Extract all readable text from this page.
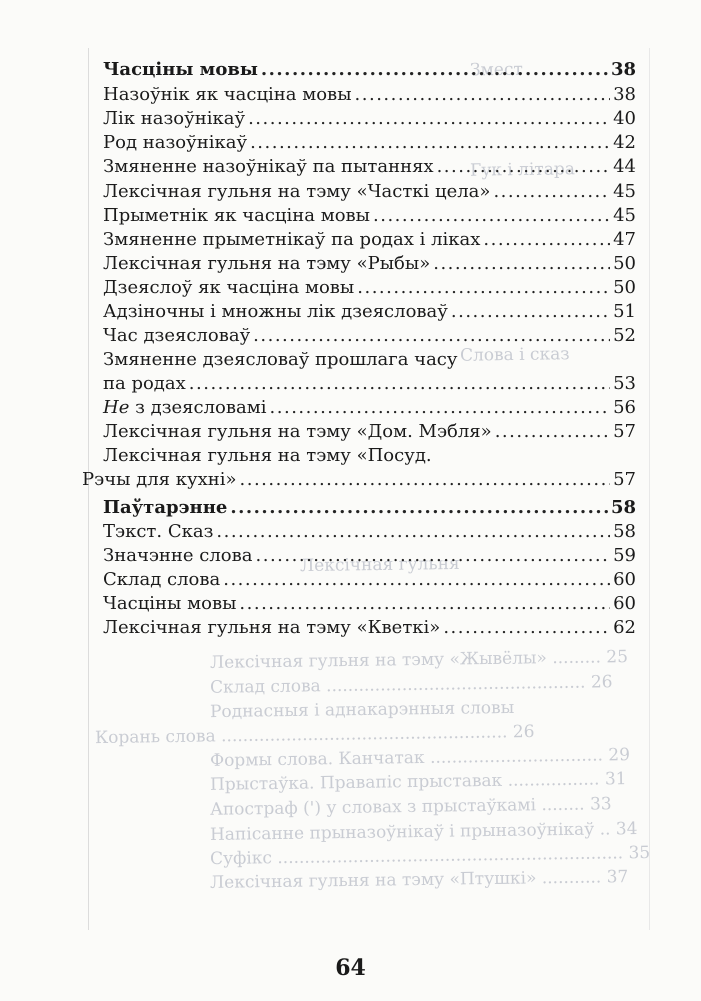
Змест
Гук і літара
Слова і сказ
Лексічная гульня
Лексічная гульня на тэму «Жывёлы» ......... 25
Склад слова ................................................ 26
Роднасныя і аднакарэнныя словы
Корань слова ..................................................... 26
Формы слова. Канчатак ................................ 29
Прыстаўка. Правапіс прыставак ................. 31
Апостраф (') у словах з прыстаўкамі ........ 33
Напісанне прыназоўнікаў і прыназоўнікаў .. 34
Суфікс ................................................................ 35
Лексічная гульня на тэму «Птушкі» ........... 37
Часціны мовы .....	38
Назоўнік як часціна мовы .....	38
Лік назоўнікаў .....	40
Род назоўнікаў .....	42
Змяненне назоўнікаў па пытаннях .....	44
Лексічная гульня на тэму «Часткі цела» .....	45
Прыметнік як часціна мовы .....	45
Змяненне прыметнікаў па родах і ліках .....	47
Лексічная гульня на тэму «Рыбы» .....	50
Дзеяслоў як часціна мовы .....	50
Адзіночны і множны лік дзеясловаў .....	51
Час дзеясловаў .....	52
Змяненне дзеясловаў прошлага часу
па родах .....	53
Не з дзеясловамі .....	56
Лексічная гульня на тэму «Дом. Мэбля» .....	57
Лексічная гульня на тэму «Посуд.
Рэчы для кухні» .....	57
Паўтарэнне .....	58
Тэкст. Сказ .....	58
Значэнне слова .....	59
Склад слова .....	60
Часціны мовы .....	60
Лексічная гульня на тэму «Кветкі» .....	62
64
